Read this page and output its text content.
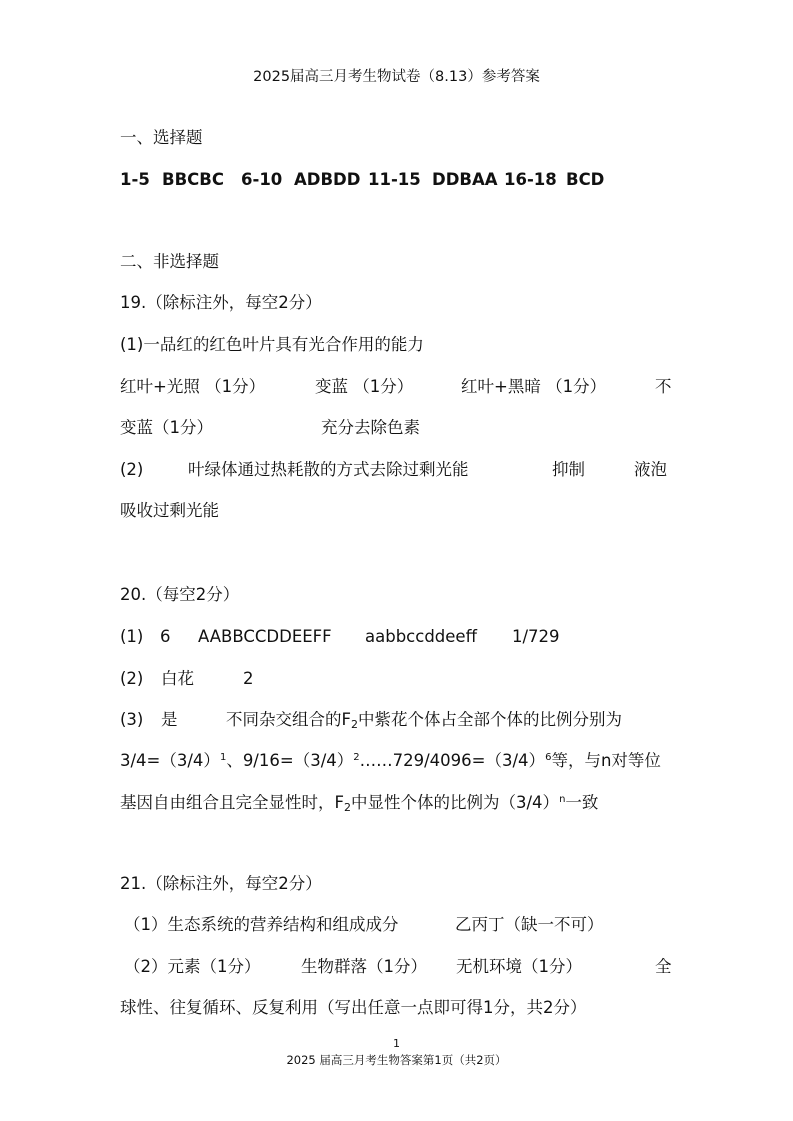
2025届高三月考生物试卷（8.13）参考答案
一、选择题
1-5 BBCBC 6-10 ADBDD 11-15 DDBAA 16-18 BCD
二、非选择题
19.（除标注外，每空2分）
(1)一品红的红色叶片具有光合作用的能力
红叶+光照 （1分）	变蓝 （1分）	红叶+黑暗 （1分）	不
变蓝（1分）	充分去除色素
(2)	叶绿体通过热耗散的方式去除过剩光能	抑制	液泡
吸收过剩光能
20.（每空2分）
(1) 6 AABBCCDDEEFF aabbccddeeff 1/729
(2) 白花	2
(3) 是	不同杂交组合的$F_2$中紫花个体占全部个体的比例分别为
$3/4=(3/4)^1$、$9/16=(3/4)^2\dots\dots 729/4096=(3/4)^6$等，与n对等位
基因自由组合且完全显性时，$F_2$中显性个体的比例为$(3/4)^n$一致
21.（除标注外，每空2分）
（1）生态系统的营养结构和组成成分	乙丙丁（缺一不可）
（2）元素（1分） 生物群落（1分） 无机环境（1分）	全
球性、往复循环、反复利用（写出任意一点即可得1分，共2分）
1
2025 届高三月考生物答案第1页（共2页）
